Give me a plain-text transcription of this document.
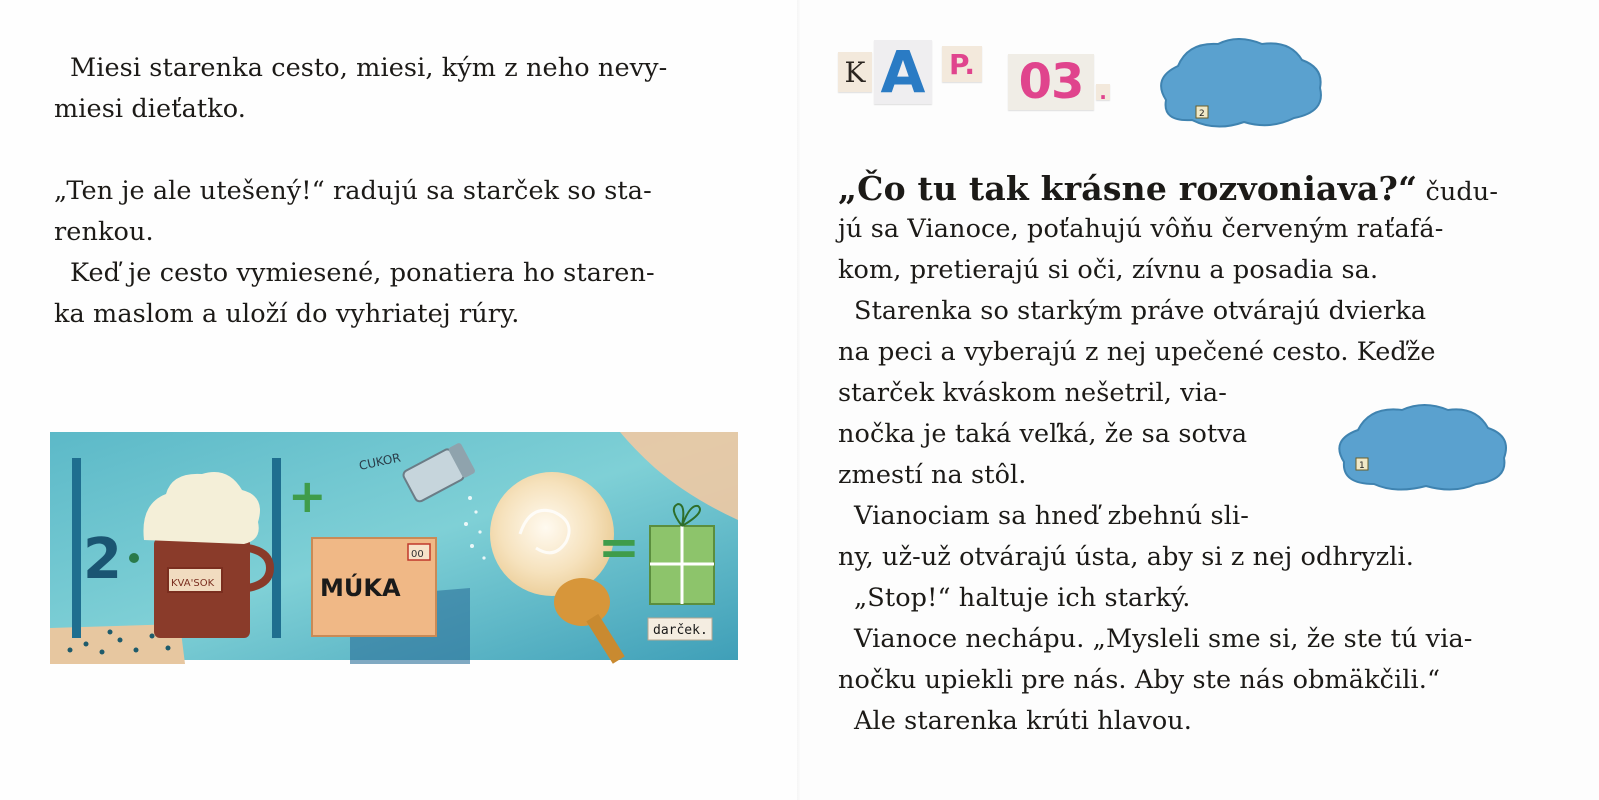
Miesi starenka cesto, miesi, kým z neho nevy-
miesi dieťatko.
„Ten je ale utešený!“ radujú sa starček so sta-
renkou.
Keď je cesto vymiesené, ponatiera ho staren-
ka maslom a uloží do vyhriatej rúry.
2	KVA'SOK
+
CUKOR
00
MÚKA
=
darček.
K A P. 03 .
2
1
„Čo tu tak krásne rozvoniava?“ čudu-
jú sa Vianoce, poťahujú vôňu červeným raťafá-
kom, pretierajú si oči, zívnu a posadia sa.
Starenka so starkým práve otvárajú dvierka
na peci a vyberajú z nej upečené cesto. Keďže
starček kváskom nešetril, via-
nočka je taká veľká, že sa sotva
zmestí na stôl.
Vianociam sa hneď zbehnú sli-
ny, už-už otvárajú ústa, aby si z nej odhryzli.
„Stop!“ haltuje ich starký.
Vianoce nechápu. „Mysleli sme si, že ste tú via-
nočku upiekli pre nás. Aby ste nás obmäkčili.“
Ale starenka krúti hlavou.
